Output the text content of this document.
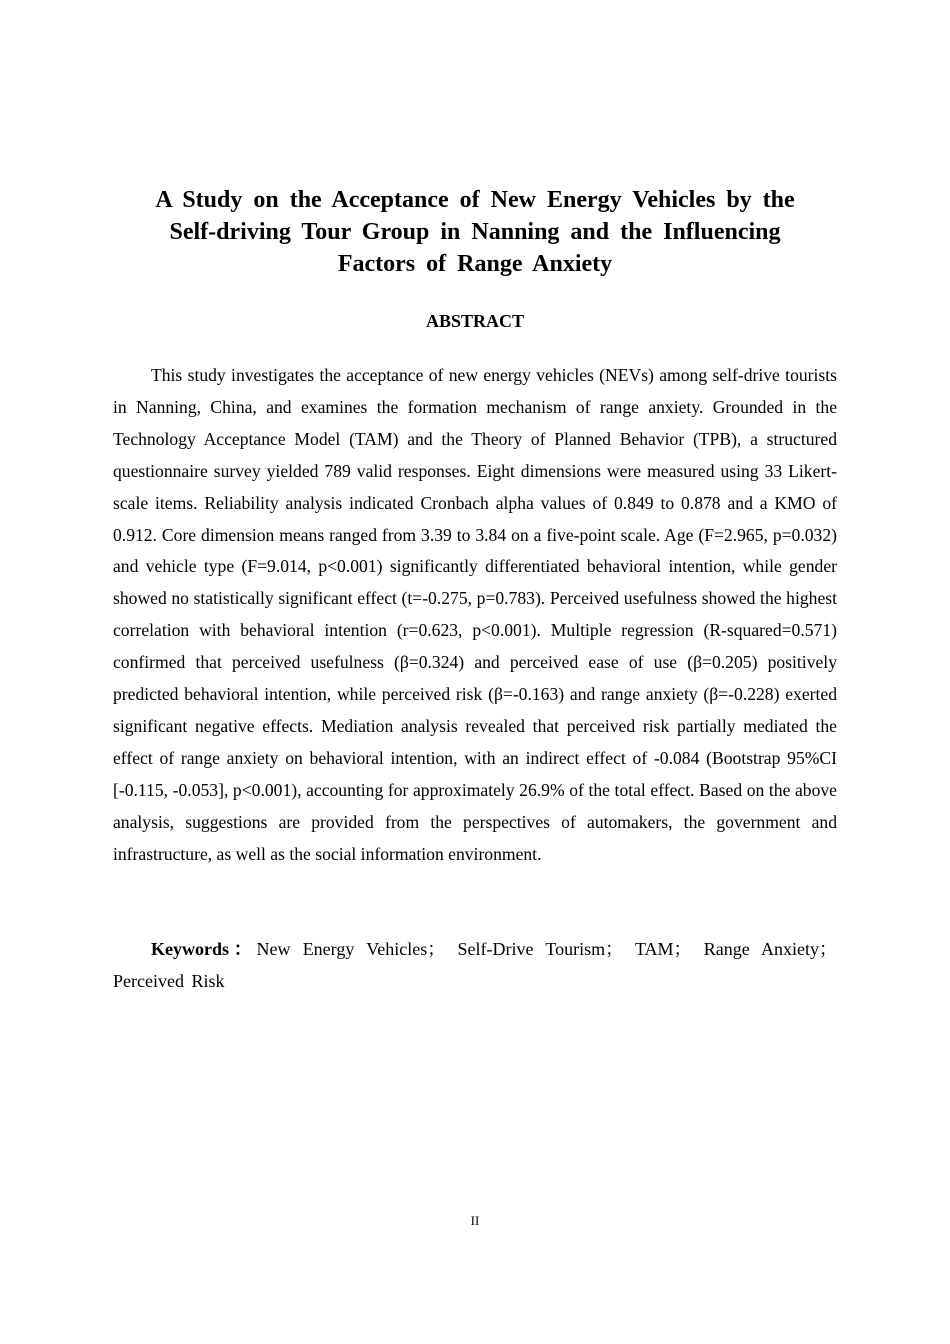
A Study on the Acceptance of New Energy Vehicles by the
Self-driving Tour Group in Nanning and the Influencing
Factors of Range Anxiety
ABSTRACT

This study investigates the acceptance of new energy vehicles (NEVs) among self-drive tourists in Nanning, China, and examines the formation mechanism of range anxiety. Grounded in the Technology Acceptance Model (TAM) and the Theory of Planned Behavior (TPB), a structured questionnaire survey yielded 789 valid responses. Eight dimensions were measured using 33 Likert-scale items. Reliability analysis indicated Cronbach alpha values of 0.849 to 0.878 and a KMO of 0.912. Core dimension means ranged from 3.39 to 3.84 on a five-point scale. Age (F=2.965, p=0.032) and vehicle type (F=9.014, p<0.001) significantly differentiated behavioral intention, while gender showed no statistically significant effect (t=-0.275, p=0.783). Perceived usefulness showed the highest correlation with behavioral intention (r=0.623, p<0.001). Multiple regression (R-squared=0.571) confirmed that perceived usefulness (β=0.324) and perceived ease of use (β=0.205) positively predicted behavioral intention, while perceived risk (β=-0.163) and range anxiety (β=-0.228) exerted significant negative effects. Mediation analysis revealed that perceived risk partially mediated the effect of range anxiety on behavioral intention, with an indirect effect of -0.084 (Bootstrap 95%CI [-0.115, -0.053], p<0.001), accounting for approximately 26.9% of the total effect. Based on the above analysis, suggestions are provided from the perspectives of automakers, the government and infrastructure, as well as the social information environment.

Keywords：New Energy Vehicles； Self-Drive Tourism； TAM； Range Anxiety； Perceived Risk

II
